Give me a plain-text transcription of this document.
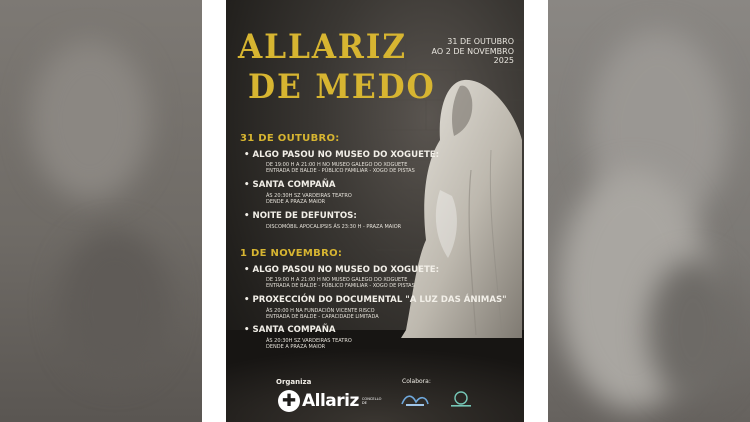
ALLARIZ
DE MEDO
31 DE OUTUBRO
AO 2 DE NOVEMBRO
2025
31 DE OUTUBRO:
• ALGO PASOU NO MUSEO DO XOGUETE:
DE 19:00 H A 21:00 H NO MUSEO GALEGO DO XOGUETE
ENTRADA DE BALDE - PÚBLICO FAMILIAR - XOGO DE PISTAS
• SANTA COMPAÑA
ÁS 20:30H SZ VARDEIRAS TEATRO
DENDE A PRAZA MAIOR
• NOITE DE DEFUNTOS:
DISCOMÓBIL APOCALIPSIS ÁS 23:30 H - PRAZA MAIOR
1 DE NOVEMBRO:
• ALGO PASOU NO MUSEO DO XOGUETE:
DE 19:00 H A 21:00 H NO MUSEO GALEGO DO XOGUETE
ENTRADA DE BALDE - PÚBLICO FAMILIAR - XOGO DE PISTAS
• PROXECCIÓN DO DOCUMENTAL "A LUZ DAS ÁNIMAS"
ÁS 20:00 H NA FUNDACIÓN VICENTE RISCO
ENTRADA DE BALDE - CAPACIDADE LIMITADA
• SANTA COMPAÑA
ÁS 20:30H SZ VARDEIRAS TEATRO
DENDE A PRAZA MAIOR
Organiza	Colabora:
✚ Allariz CONCELLO DE
